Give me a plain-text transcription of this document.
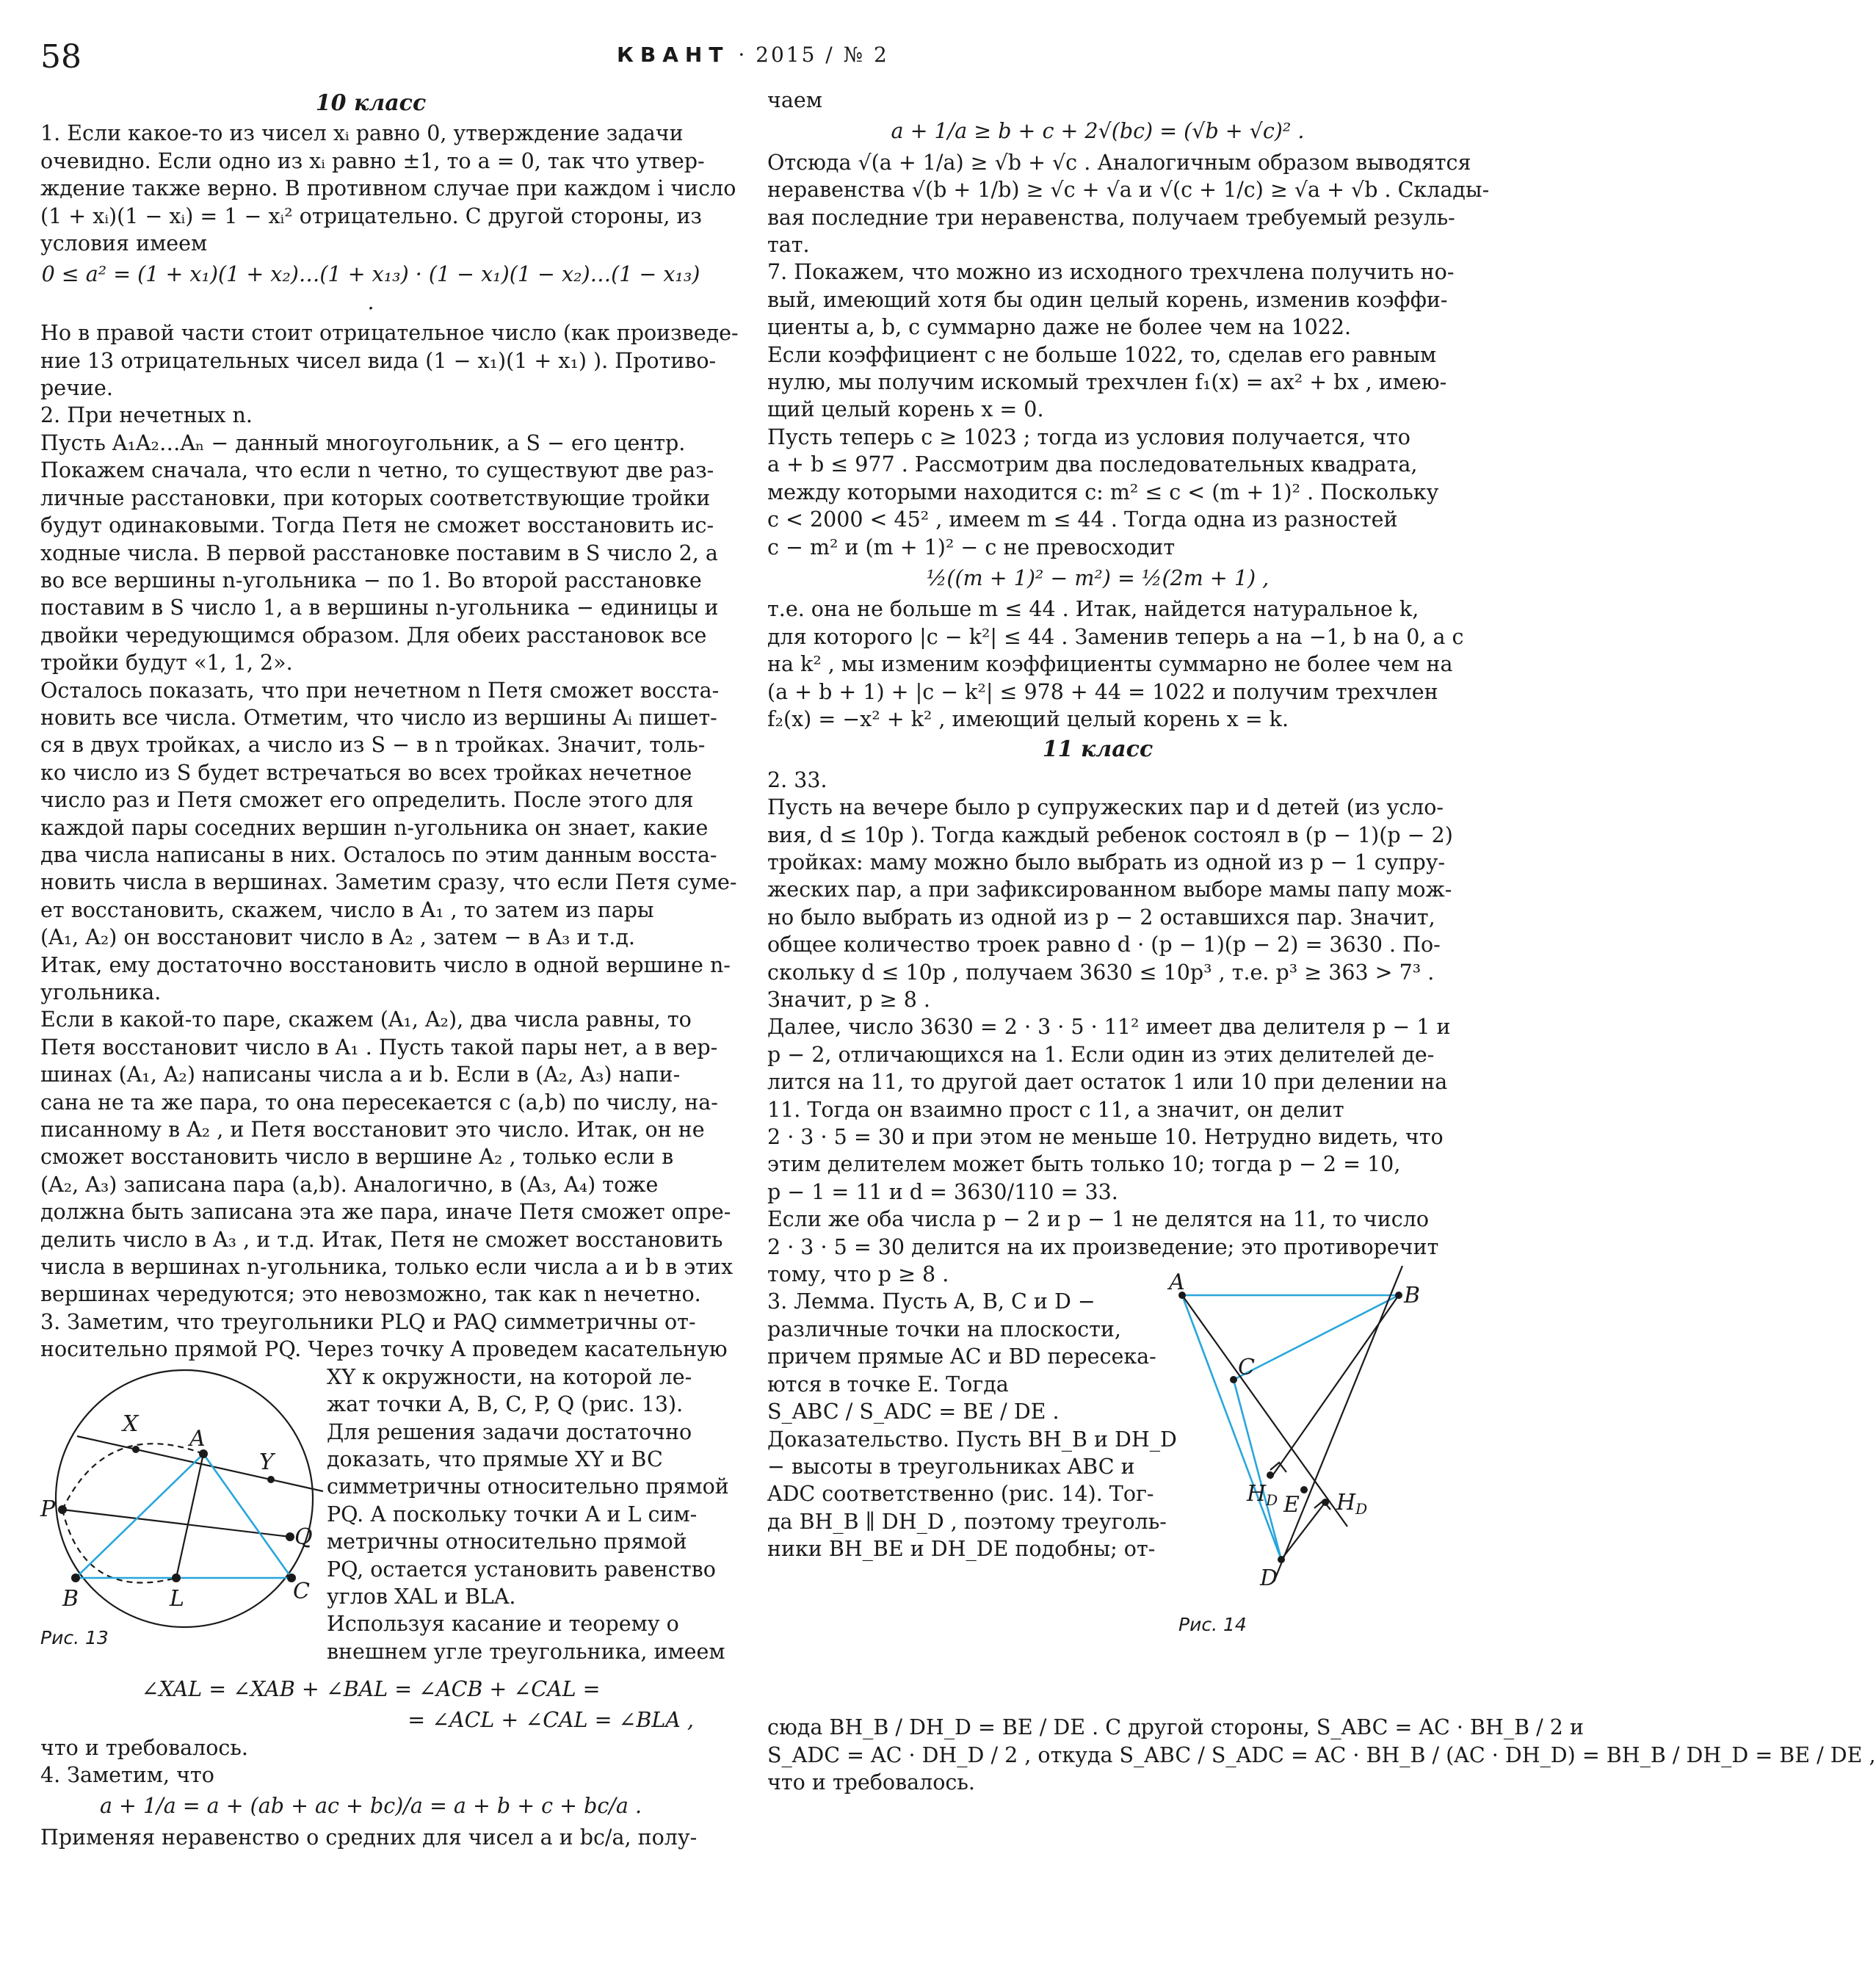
58	КВАНТ · 2015 / № 2
10 класс
1. Если какое-то из чисел xᵢ равно 0, утверждение задачи
очевидно. Если одно из xᵢ равно ±1, то a = 0, так что утвер-
ждение также верно. В противном случае при каждом i число
(1 + xᵢ)(1 − xᵢ) = 1 − xᵢ² отрицательно. С другой стороны, из
условия имеем
0 ≤ a² = (1 + x₁)(1 + x₂)…(1 + x₁₃) · (1 − x₁)(1 − x₂)…(1 − x₁₃) .
Но в правой части стоит отрицательное число (как произведе-
ние 13 отрицательных чисел вида (1 − x₁)(1 + x₁) ). Противо-
речие.
2. При нечетных n.
Пусть A₁A₂…Aₙ − данный многоугольник, а S − его центр.
Покажем сначала, что если n четно, то существуют две раз-
личные расстановки, при которых соответствующие тройки
будут одинаковыми. Тогда Петя не сможет восстановить ис-
ходные числа. В первой расстановке поставим в S число 2, а
во все вершины n-угольника − по 1. Во второй расстановке
поставим в S число 1, а в вершины n-угольника − единицы и
двойки чередующимся образом. Для обеих расстановок все
тройки будут «1, 1, 2».
Осталось показать, что при нечетном n Петя сможет восста-
новить все числа. Отметим, что число из вершины Aᵢ пишет-
ся в двух тройках, а число из S − в n тройках. Значит, толь-
ко число из S будет встречаться во всех тройках нечетное
число раз и Петя сможет его определить. После этого для
каждой пары соседних вершин n-угольника он знает, какие
два числа написаны в них. Осталось по этим данным восста-
новить числа в вершинах. Заметим сразу, что если Петя суме-
ет восстановить, скажем, число в A₁ , то затем из пары
(A₁, A₂) он восстановит число в A₂ , затем − в A₃ и т.д.
Итак, ему достаточно восстановить число в одной вершине n-
угольника.
Если в какой-то паре, скажем (A₁, A₂), два числа равны, то
Петя восстановит число в A₁ . Пусть такой пары нет, а в вер-
шинах (A₁, A₂) написаны числа a и b. Если в (A₂, A₃) напи-
сана не та же пара, то она пересекается с (a,b) по числу, на-
писанному в A₂ , и Петя восстановит это число. Итак, он не
сможет восстановить число в вершине A₂ , только если в
(A₂, A₃) записана пара (a,b). Аналогично, в (A₃, A₄) тоже
должна быть записана эта же пара, иначе Петя сможет опре-
делить число в A₃ , и т.д. Итак, Петя не сможет восстановить
числа в вершинах n-угольника, только если числа a и b в этих
вершинах чередуются; это невозможно, так как n нечетно.
3. Заметим, что треугольники PLQ и PAQ симметричны от-
носительно прямой PQ. Через точку A проведем касательную
XY к окружности, на которой ле-
жат точки A, B, C, P, Q (рис. 13).
Для решения задачи достаточно
доказать, что прямые XY и BC
симметричны относительно прямой
PQ. А поскольку точки A и L сим-
метричны относительно прямой
PQ, остается установить равенство
углов XAL и BLA.
Используя касание и теорему о
внешнем угле треугольника, имеем
X
A
Y
P
Q
B	L	C
Рис. 13
∠XAL = ∠XAB + ∠BAL = ∠ACB + ∠CAL =
= ∠ACL + ∠CAL = ∠BLA ,
что и требовалось.
4. Заметим, что
a + 1/a = a + (ab + ac + bc)/a = a + b + c + bc/a .
Применяя неравенство о средних для чисел a и bc/a, полу-
чаем
a + 1/a ≥ b + c + 2√(bc) = (√b + √c)² .
Отсюда √(a + 1/a) ≥ √b + √c . Аналогичным образом выводятся
неравенства √(b + 1/b) ≥ √c + √a и √(c + 1/c) ≥ √a + √b . Склады-
вая последние три неравенства, получаем требуемый резуль-
тат.
7. Покажем, что можно из исходного трехчлена получить но-
вый, имеющий хотя бы один целый корень, изменив коэффи-
циенты a, b, c суммарно даже не более чем на 1022.
Если коэффициент c не больше 1022, то, сделав его равным
нулю, мы получим искомый трехчлен f₁(x) = ax² + bx , имею-
щий целый корень x = 0.
Пусть теперь c ≥ 1023 ; тогда из условия получается, что
a + b ≤ 977 . Рассмотрим два последовательных квадрата,
между которыми находится c: m² ≤ c < (m + 1)² . Поскольку
c < 2000 < 45² , имеем m ≤ 44 . Тогда одна из разностей
c − m² и (m + 1)² − c не превосходит
½((m + 1)² − m²) = ½(2m + 1) ,
т.е. она не больше m ≤ 44 . Итак, найдется натуральное k,
для которого |c − k²| ≤ 44 . Заменив теперь a на −1, b на 0, а c
на k² , мы изменим коэффициенты суммарно не более чем на
(a + b + 1) + |c − k²| ≤ 978 + 44 = 1022 и получим трехчлен
f₂(x) = −x² + k² , имеющий целый корень x = k.
11 класс
2. 33.
Пусть на вечере было p супружеских пар и d детей (из усло-
вия, d ≤ 10p ). Тогда каждый ребенок состоял в (p − 1)(p − 2)
тройках: маму можно было выбрать из одной из p − 1 супру-
жеских пар, а при зафиксированном выборе мамы папу мож-
но было выбрать из одной из p − 2 оставшихся пар. Значит,
общее количество троек равно d · (p − 1)(p − 2) = 3630 . По-
скольку d ≤ 10p , получаем 3630 ≤ 10p³ , т.е. p³ ≥ 363 > 7³ .
Значит, p ≥ 8 .
Далее, число 3630 = 2 · 3 · 5 · 11² имеет два делителя p − 1 и
p − 2, отличающихся на 1. Если один из этих делителей де-
лится на 11, то другой дает остаток 1 или 10 при делении на
11. Тогда он взаимно прост с 11, а значит, он делит
2 · 3 · 5 = 30 и при этом не меньше 10. Нетрудно видеть, что
этим делителем может быть только 10; тогда p − 2 = 10,
p − 1 = 11 и d = 3630/110 = 33.
Если же оба числа p − 2 и p − 1 не делятся на 11, то число
2 · 3 · 5 = 30 делится на их произведение; это противоречит
тому, что p ≥ 8 .
3. Лемма. Пусть A, B, C и D −
различные точки на плоскости,
причем прямые AC и BD пересека-
ются в точке E. Тогда
S_ABC / S_ADC = BE / DE .
Доказательство. Пусть BH_B и DH_D
− высоты в треугольниках ABC и
ADC соответственно (рис. 14). Тог-
да BH_B ∥ DH_D , поэтому треуголь-
ники BH_BE и DH_DE подобны; от-
A
B
C
E
D
$H_D$	$H_D$
Рис. 14
сюда BH_B / DH_D = BE / DE . С другой стороны, S_ABC = AC · BH_B / 2 и
S_ADC = AC · DH_D / 2 , откуда S_ABC / S_ADC = AC · BH_B / (AC · DH_D) = BH_B / DH_D = BE / DE ,
что и требовалось.
